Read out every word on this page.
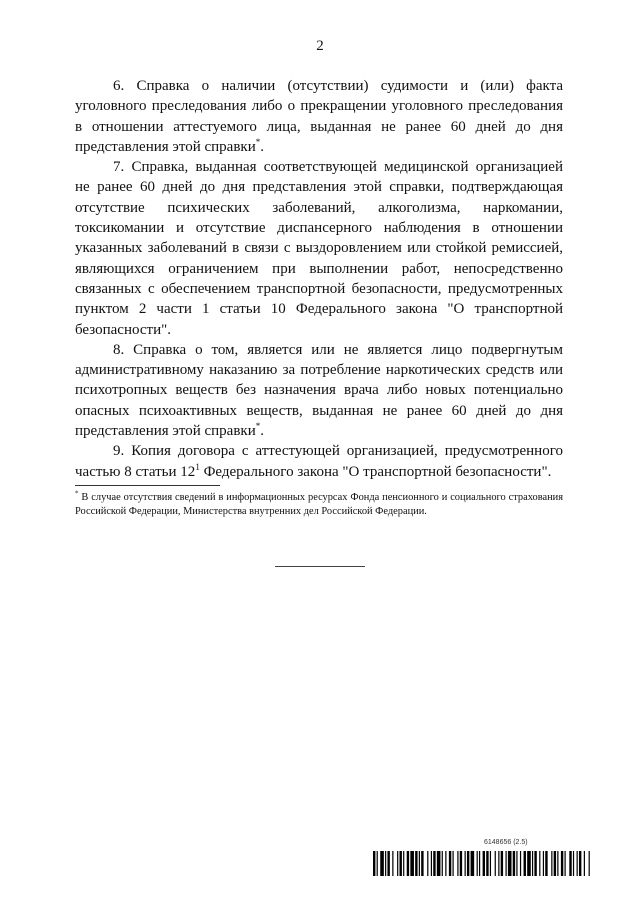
2

6. Справка о наличии (отсутствии) судимости и (или) факта уголовного преследования либо о прекращении уголовного преследования в отношении аттестуемого лица, выданная не ранее 60 дней до дня представления этой справки*.

7. Справка, выданная соответствующей медицинской организацией не ранее 60 дней до дня представления этой справки, подтверждающая отсутствие психических заболеваний, алкоголизма, наркомании, токсикомании и отсутствие диспансерного наблюдения в отношении указанных заболеваний в связи с выздоровлением или стойкой ремиссией, являющихся ограничением при выполнении работ, непосредственно связанных с обеспечением транспортной безопасности, предусмотренных пунктом 2 части 1 статьи 10 Федерального закона "О транспортной безопасности".

8. Справка о том, является или не является лицо подвергнутым административному наказанию за потребление наркотических средств или психотропных веществ без назначения врача либо новых потенциально опасных психоактивных веществ, выданная не ранее 60 дней до дня представления этой справки*.

9. Копия договора с аттестующей организацией, предусмотренного частью 8 статьи $12^1$ Федерального закона "О транспортной безопасности".

* В случае отсутствия сведений в информационных ресурсах Фонда пенсионного и социального страхования Российской Федерации, Министерства внутренних дел Российской Федерации.
6148656 (2.5)
